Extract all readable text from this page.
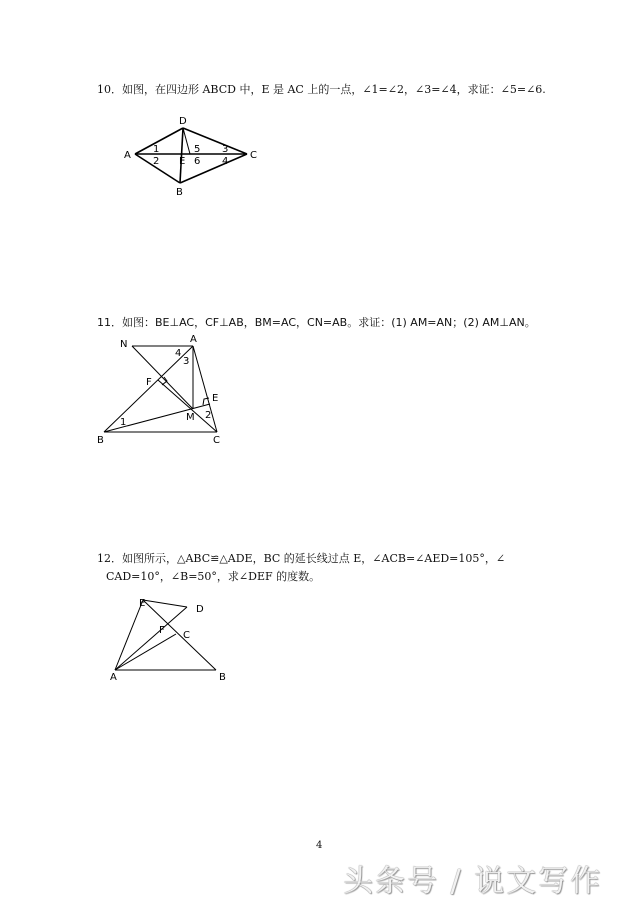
10．如图，在四边形 ABCD 中，E 是 AC 上的一点，∠1=∠2，∠3=∠4，求证：∠5=∠6.
A
D
C
B
E
1
2
5
6
3
4
11．如图：BE⊥AC，CF⊥AB，BM=AC，CN=AB。求证：(1) AM=AN；(2) AM⊥AN。
N	A
4
3
F
E
M 2
1
B	C
12．如图所示，△ABC≌△ADE，BC 的延长线过点 E，∠ACB=∠AED=105°，∠
CAD=10°，∠B=50°，求∠DEF 的度数。
E
D
F C
A	B
4
头条号 / 说文写作
